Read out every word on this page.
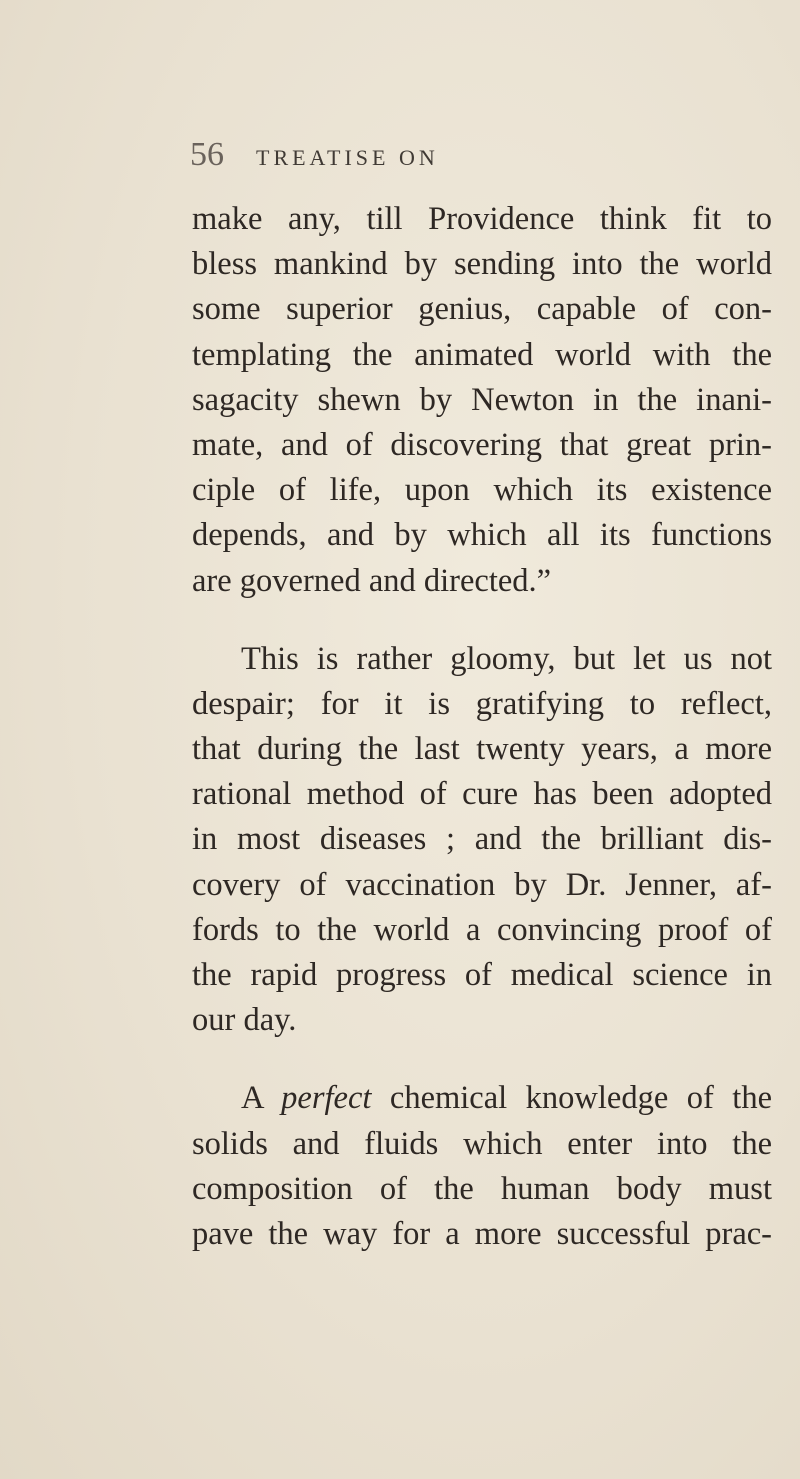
56 TREATISE ON
make any, till Providence think fit to
bless mankind by sending into the world
some superior genius, capable of con-
templating the animated world with the
sagacity shewn by Newton in the inani-
mate, and of discovering that great prin-
ciple of life, upon which its existence
depends, and by which all its functions
are governed and directed.”
This is rather gloomy, but let us not
despair; for it is gratifying to reflect,
that during the last twenty years, a more
rational method of cure has been adopted
in most diseases ; and the brilliant dis-
covery of vaccination by Dr. Jenner, af-
fords to the world a convincing proof of
the rapid progress of medical science in
our day.
A perfect chemical knowledge of the
solids and fluids which enter into the
composition of the human body must
pave the way for a more successful prac-
